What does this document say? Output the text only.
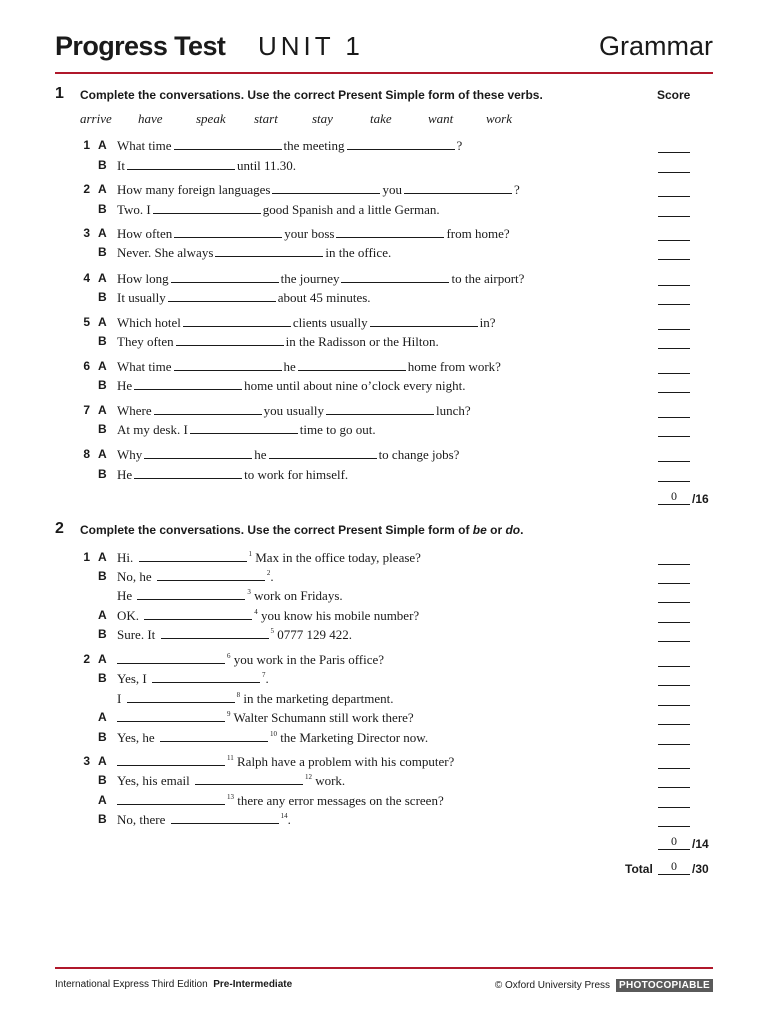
Progress Test UNIT 1	Grammar
1 Complete the conversations. Use the correct Present Simple form of these verbs.	Score
arrive have	speak start	stay	take	want	work
1 A What time	the meeting	?
B It	until 11.30.
2 A How many foreign languages	you	?
B Two. I	good Spanish and a little German.
3 A How often	your boss	from home?
B Never. She always	in the office.
4 A How long	the journey	to the airport?
B It usually	about 45 minutes.
5 A Which hotel	clients usually	in?
B They often	in the Radisson or the Hilton.
6 A What time	he	home from work?
B He	home until about nine o’clock every night.
7 A Where	you usually	lunch?
B At my desk. I	time to go out.
8 A Why	he	to change jobs?
B He	to work for himself.
0	/16
2 Complete the conversations. Use the correct Present Simple form of be or do.
1 A Hi.	$^1$ Max in the office today, please?
B No, he	$^2$.
He	$^3$ work on Fridays.
A OK.	$^4$ you know his mobile number?
B Sure. It	$^5$ 0777 129 422.
2 A	$^6$ you work in the Paris office?
B Yes, I	$^7$.
I	$^8$ in the marketing department.
A	$^9$ Walter Schumann still work there?
B Yes, he	$^{10}$ the Marketing Director now.
3 A	$^{11}$ Ralph have a problem with his computer?
B Yes, his email	$^{12}$ work.
A	$^{13}$ there any error messages on the screen?
B No, there	$^{14}$.
0	/14
Total	0	/30
International Express Third Edition Pre-Intermediate	© Oxford University Press PHOTOCOPIABLE
